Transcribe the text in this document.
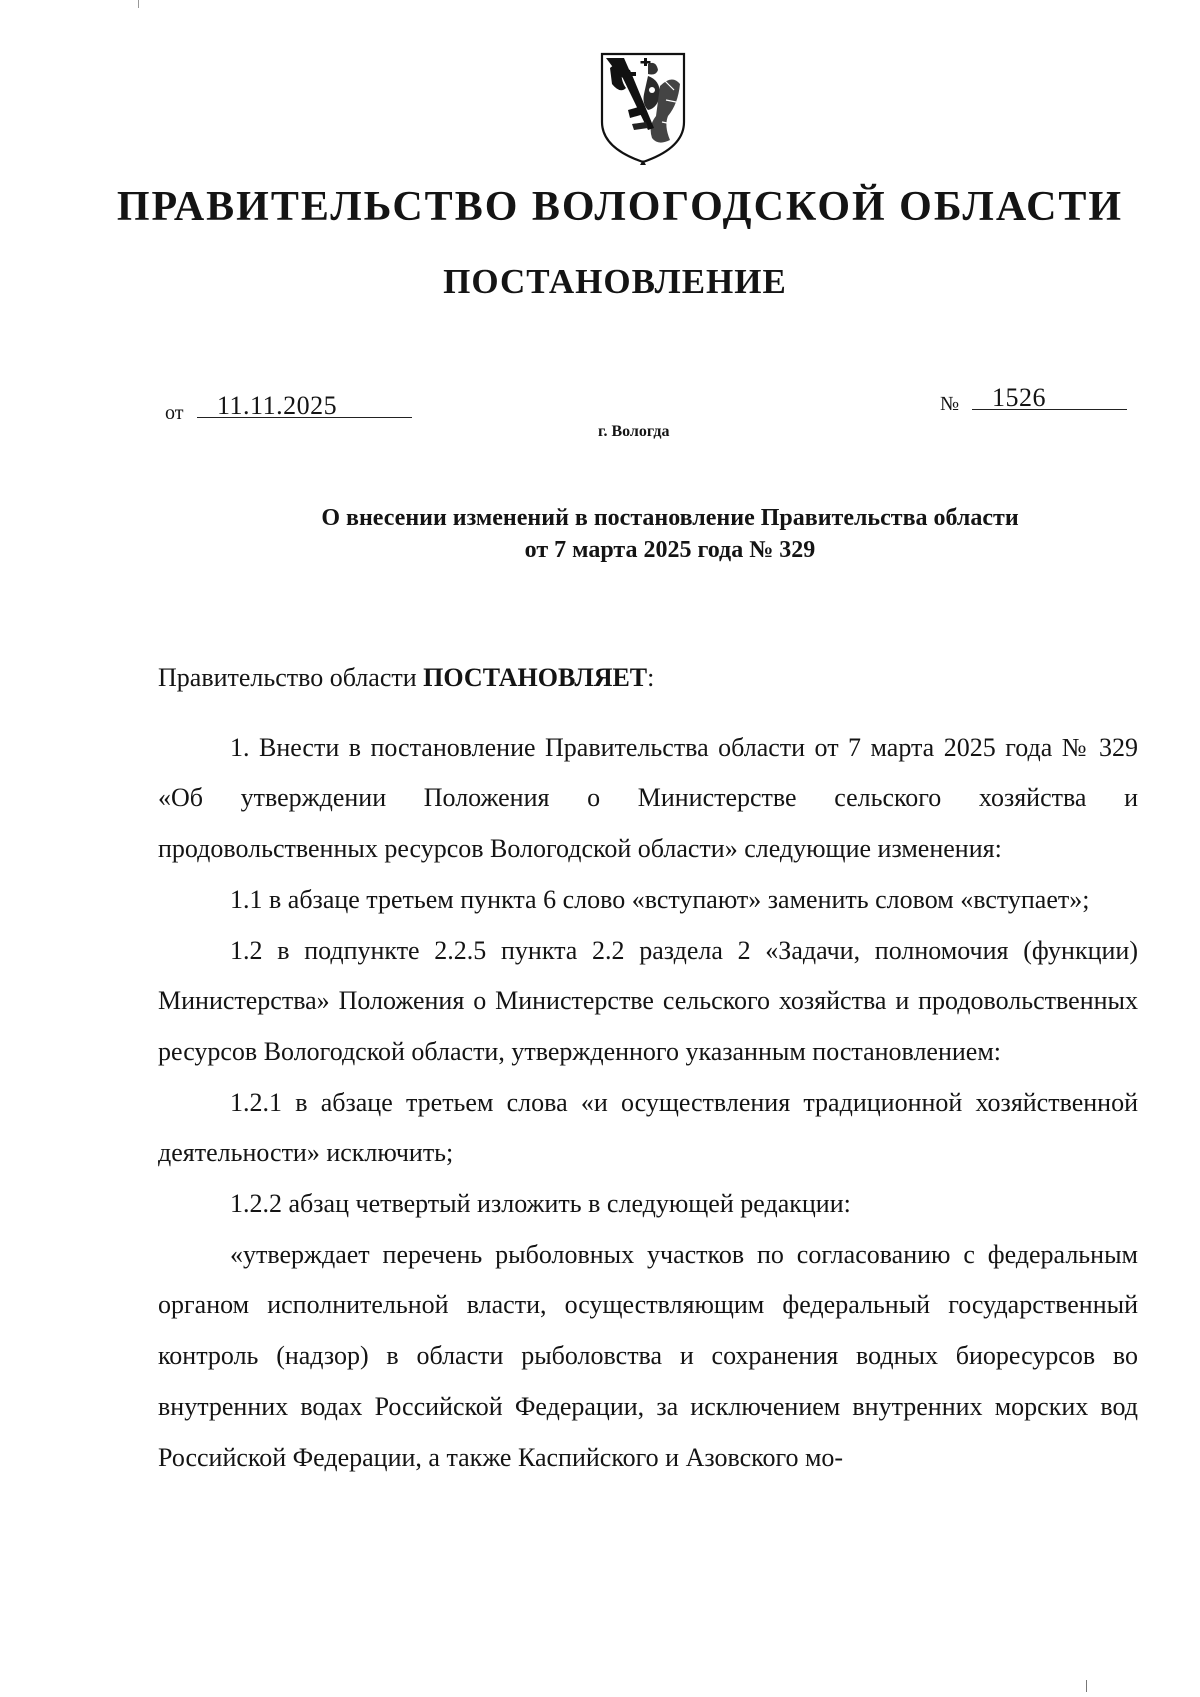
ПРАВИТЕЛЬСТВО ВОЛОГОДСКОЙ ОБЛАСТИ
ПОСТАНОВЛЕНИЕ
от 11.11.2025	№ 1526
г. Вологда
О внесении изменений в постановление Правительства области
от 7 марта 2025 года № 329

Правительство области ПОСТАНОВЛЯЕТ:

1. Внести в постановление Правительства области от 7 марта 2025 года № 329 «Об утверждении Положения о Министерстве сельского хозяйства и продовольственных ресурсов Вологодской области» следующие изменения:

1.1 в абзаце третьем пункта 6 слово «вступают» заменить словом «вступает»;

1.2 в подпункте 2.2.5 пункта 2.2 раздела 2 «Задачи, полномочия (функции) Министерства» Положения о Министерстве сельского хозяйства и продовольственных ресурсов Вологодской области, утвержденного указанным постановлением:

1.2.1 в абзаце третьем слова «и осуществления традиционной хозяйственной деятельности» исключить;

1.2.2 абзац четвертый изложить в следующей редакции:

«утверждает перечень рыболовных участков по согласованию с федеральным органом исполнительной власти, осуществляющим федеральный государственный контроль (надзор) в области рыболовства и сохранения водных биоресурсов во внутренних водах Российской Федерации, за исключением внутренних морских вод Российской Федерации, а также Каспийского и Азовского мо-
